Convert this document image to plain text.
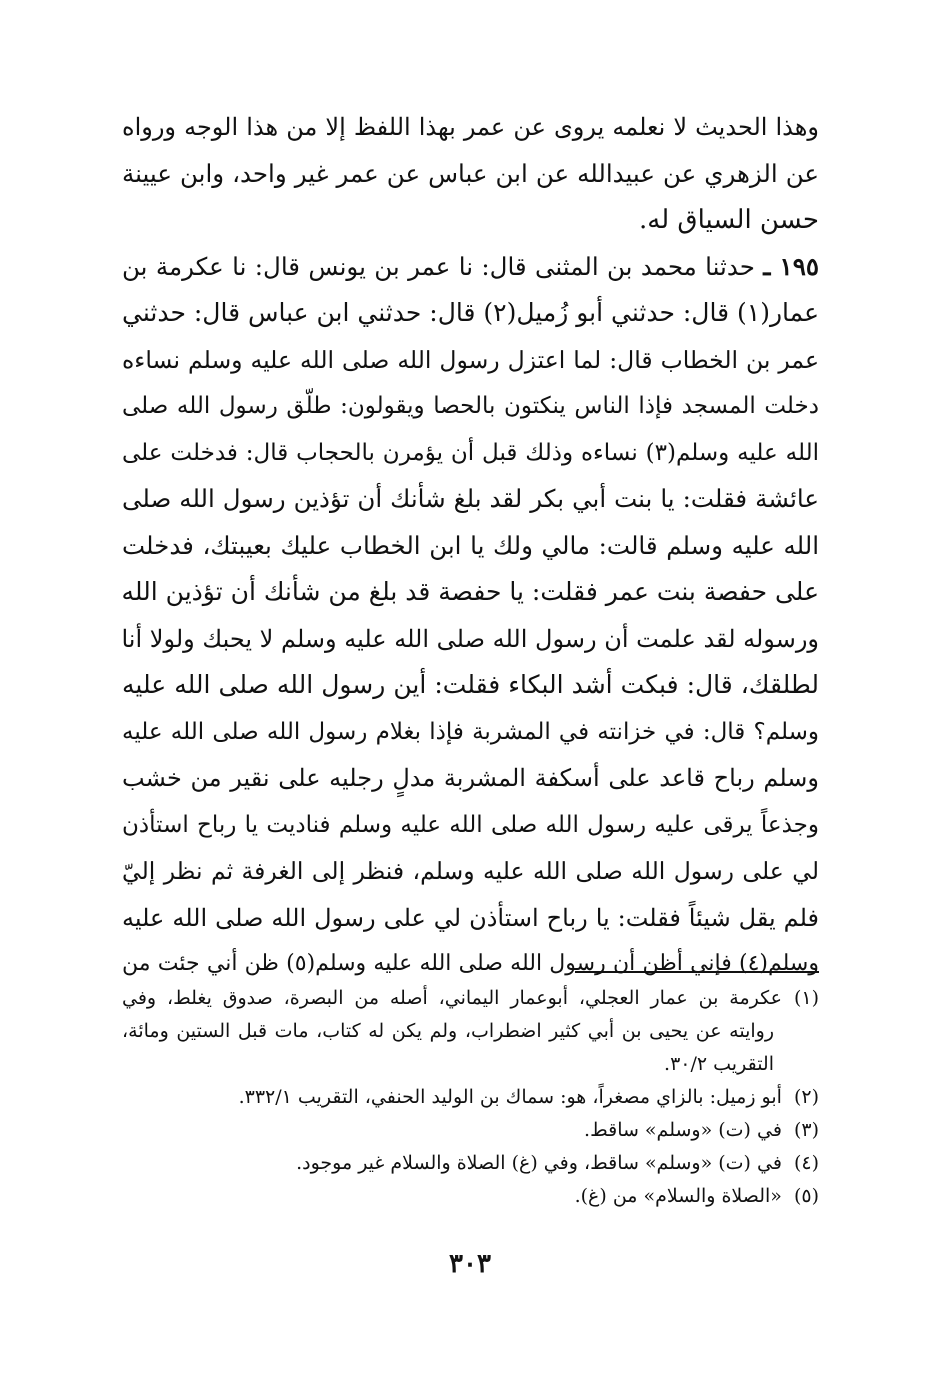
وهذا الحديث لا نعلمه يروى عن عمر بهذا اللفظ إلا من هذا الوجه ورواه
عن الزهري عن عبيدالله عن ابن عباس عن عمر غير واحد، وابن عيينة
حسن السياق له.
١٩٥ ـ حدثنا محمد بن المثنى قال: نا عمر بن يونس قال: نا عكرمة بن
عمار(١) قال: حدثني أبو زُميل(٢) قال: حدثني ابن عباس قال: حدثني
عمر بن الخطاب قال: لما اعتزل رسول الله صلى الله عليه وسلم نساءه
دخلت المسجد فإذا الناس ينكتون بالحصا ويقولون: طلّق رسول الله صلى
الله عليه وسلم(٣) نساءه وذلك قبل أن يؤمرن بالحجاب قال: فدخلت على
عائشة فقلت: يا بنت أبي بكر لقد بلغ شأنك أن تؤذين رسول الله صلى
الله عليه وسلم قالت: مالي ولك يا ابن الخطاب عليك بعيبتك، فدخلت
على حفصة بنت عمر فقلت: يا حفصة قد بلغ من شأنك أن تؤذين الله
ورسوله لقد علمت أن رسول الله صلى الله عليه وسلم لا يحبك ولولا أنا
لطلقك، قال: فبكت أشد البكاء فقلت: أين رسول الله صلى الله عليه
وسلم؟ قال: في خزانته في المشربة فإذا بغلام رسول الله صلى الله عليه
وسلم رباح قاعد على أسكفة المشربة مدلٍ رجليه على نقير من خشب
وجذعاً يرقى عليه رسول الله صلى الله عليه وسلم فناديت يا رباح استأذن
لي على رسول الله صلى الله عليه وسلم، فنظر إلى الغرفة ثم نظر إليّ
فلم يقل شيئاً فقلت: يا رباح استأذن لي على رسول الله صلى الله عليه
وسلم(٤) فإني أظن أن رسول الله صلى الله عليه وسلم(٥) ظن أني جئت من
(١)عكرمة بن عمار العجلي، أبوعمار اليماني، أصله من البصرة، صدوق يغلط، وفي
روايته عن يحيى بن أبي كثير اضطراب، ولم يكن له كتاب، مات قبل الستين ومائة،
التقريب ٣٠/٢.
(٢)أبو زميل: بالزاي مصغراً، هو: سماك بن الوليد الحنفي، التقريب ٣٣٢/١.
(٣)في (ت) «وسلم» ساقط.
(٤)في (ت) «وسلم» ساقط، وفي (غ) الصلاة والسلام غير موجود.
(٥)«الصلاة والسلام» من (غ).
٣٠٣
